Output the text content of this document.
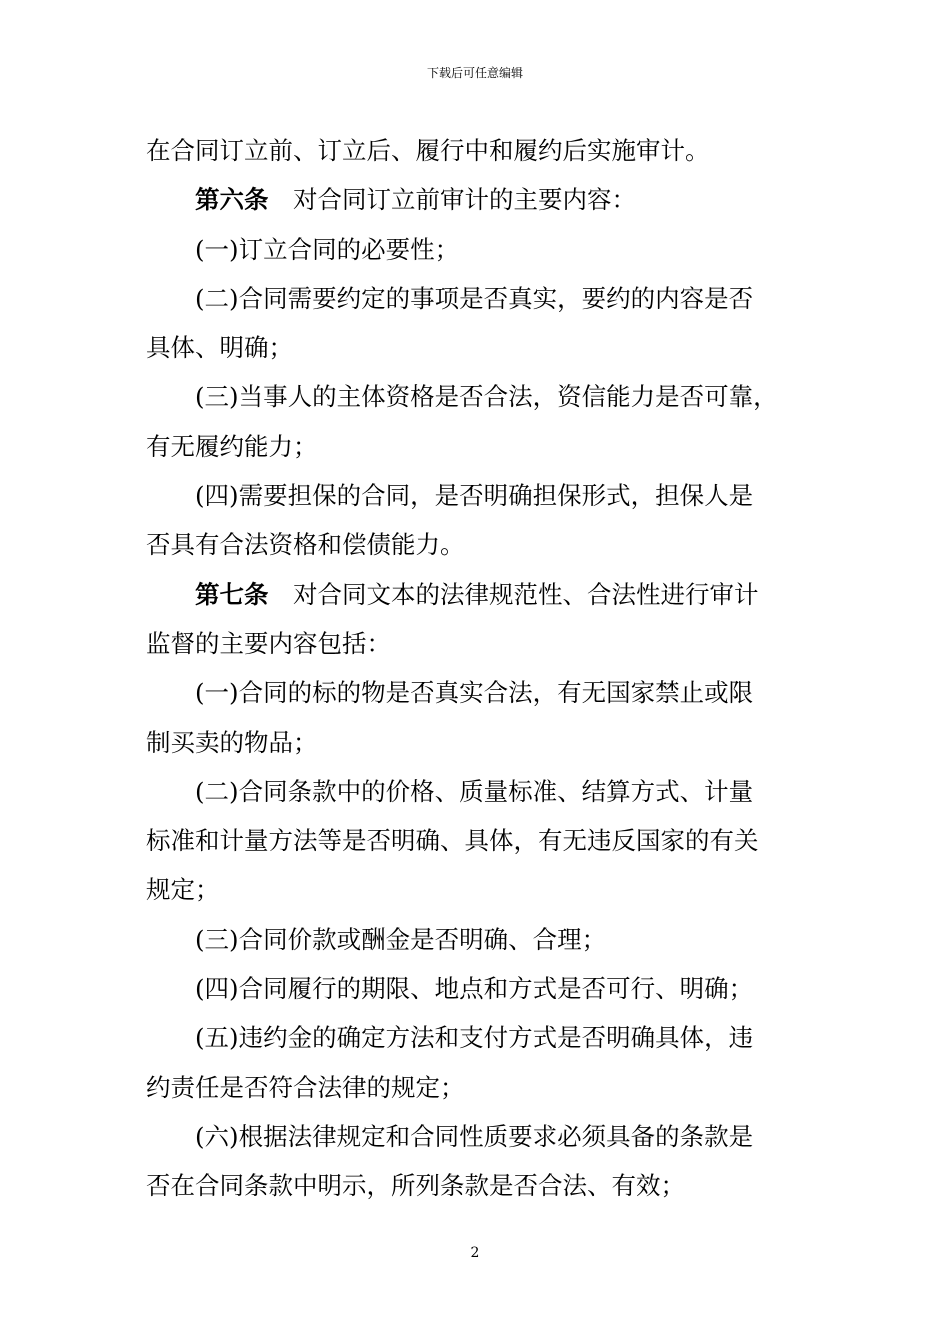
下载后可任意编辑
在合同订立前、订立后、履行中和履约后实施审计。
第六条　对合同订立前审计的主要内容：
(一)订立合同的必要性；
(二)合同需要约定的事项是否真实，要约的内容是否
具体、明确；
(三)当事人的主体资格是否合法，资信能力是否可靠，
有无履约能力；
(四)需要担保的合同，是否明确担保形式，担保人是
否具有合法资格和偿债能力。
第七条　对合同文本的法律规范性、合法性进行审计
监督的主要内容包括：
(一)合同的标的物是否真实合法，有无国家禁止或限
制买卖的物品；
(二)合同条款中的价格、质量标准、结算方式、计量
标准和计量方法等是否明确、具体，有无违反国家的有关
规定；
(三)合同价款或酬金是否明确、合理；
(四)合同履行的期限、地点和方式是否可行、明确；
(五)违约金的确定方法和支付方式是否明确具体，违
约责任是否符合法律的规定；
(六)根据法律规定和合同性质要求必须具备的条款是
否在合同条款中明示，所列条款是否合法、有效；
2
